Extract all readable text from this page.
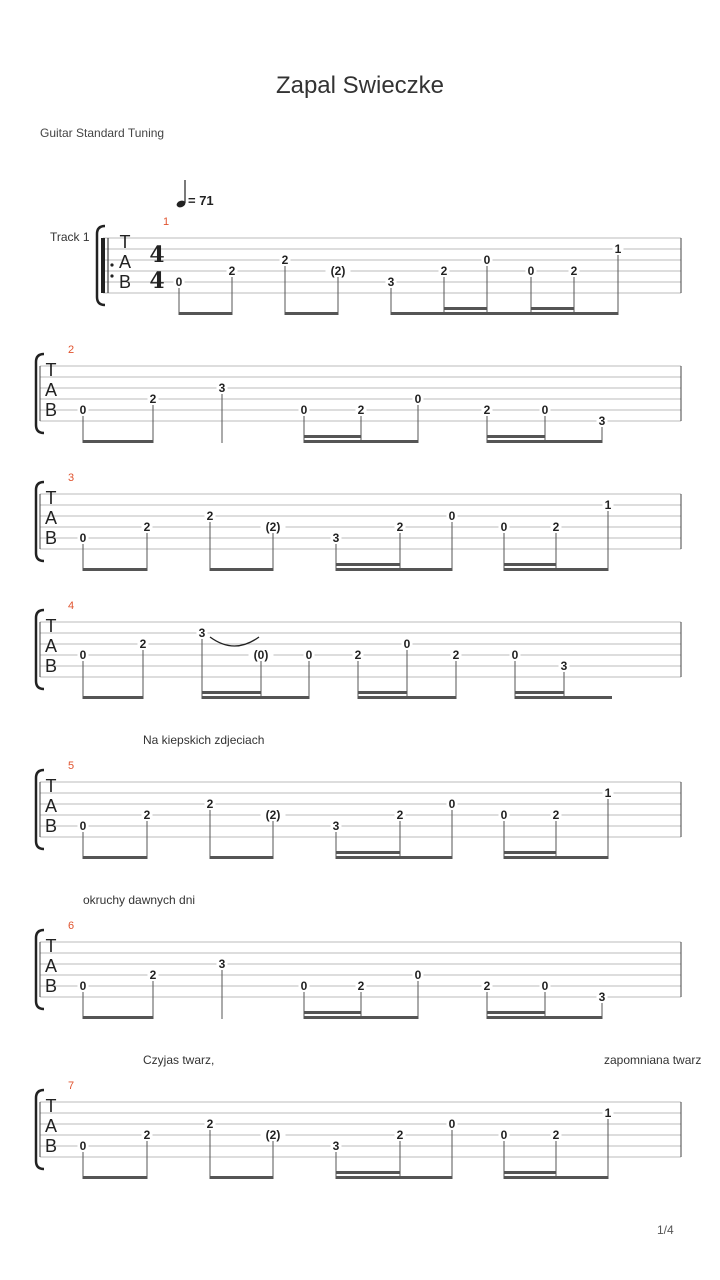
Zapal Swieczke
Guitar Standard Tuning
= 71
Track 1
Na kiepskich zdjeciach
okruchy dawnych dni
Czyjas twarz,	zapomniana twarz
T
A
B
4
4
1
0
2
2
(2)
3
2
0
0	2
1
T
A
B
2
0
2
3
0	2
0
2	0
3
T
A
B
3
0
2
2
(2)
3
2
0
0	2
1
T
A
B
4
0
2
3
(0)	0	2
0
2	0
3
T
A
B
5
0
2
2
(2)
3
2
0
0	2
1
T
A
B
6
0
2
3
0	2
0
2	0
3
T
A
B
7
0
2
2
(2)
3
2
0
0	2
1
1/4
